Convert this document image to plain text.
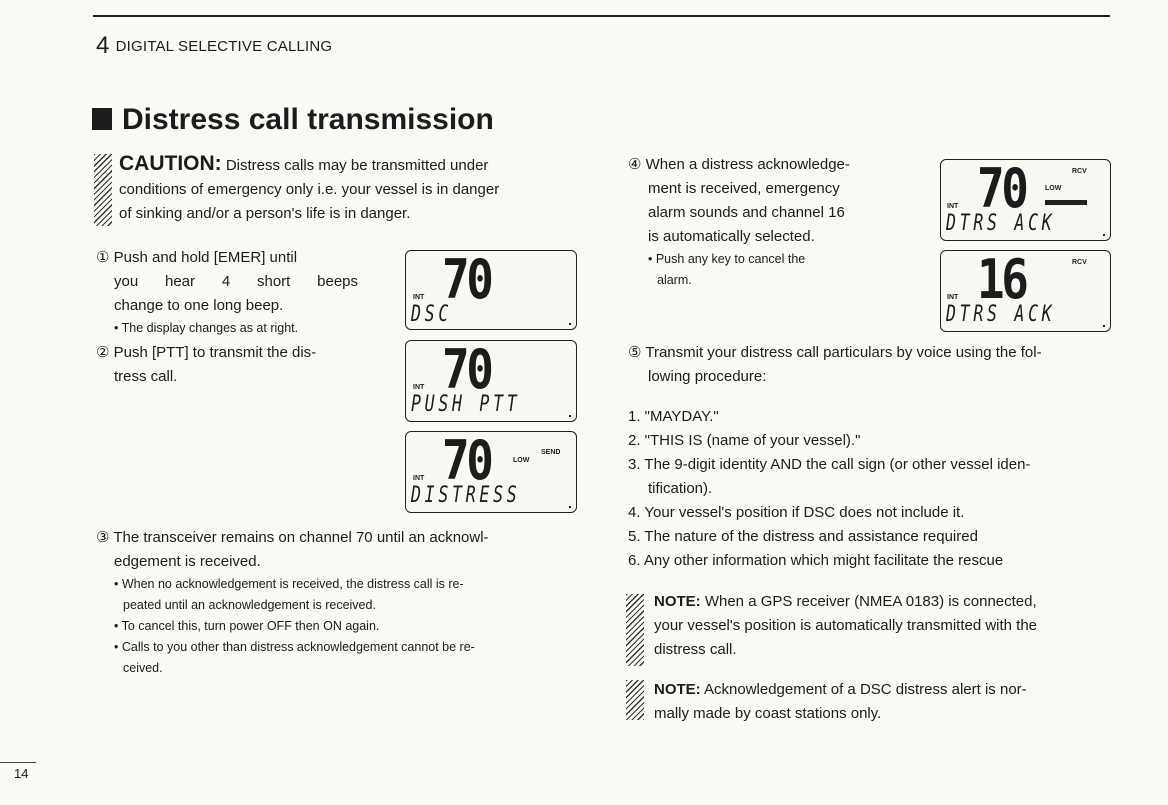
4 DIGITAL SELECTIVE CALLING
Distress call transmission
CAUTION: Distress calls may be transmitted under
conditions of emergency only i.e. your vessel is in danger
of sinking and/or a person's life is in danger.
① Push and hold [EMER] until
you hear 4 short beeps
change to one long beep.
• The display changes as at right.
② Push [PTT] to transmit the dis-
tress call.
70
INT
DSC
70
INT
PUSH PTT
70
INT
SEND
LOW
DISTRESS
③ The transceiver remains on channel 70 until an acknowl-
edgement is received.
• When no acknowledgement is received, the distress call is re-
peated until an acknowledgement is received.
• To cancel this, turn power OFF then ON again.
• Calls to you other than distress acknowledgement cannot be re-
ceived.
④ When a distress acknowledge-
ment is received, emergency
alarm sounds and channel 16
is automatically selected.
• Push any key to cancel the
alarm.
70
INT
RCV
LOW
DTRS ACK
16
INT
RCV
DTRS ACK
⑤ Transmit your distress call particulars by voice using the fol-
lowing procedure:
1. "MAYDAY."
2. "THIS IS (name of your vessel)."
3. The 9-digit identity AND the call sign (or other vessel iden-
tification).
4. Your vessel's position if DSC does not include it.
5. The nature of the distress and assistance required
6. Any other information which might facilitate the rescue
NOTE: When a GPS receiver (NMEA 0183) is connected,
your vessel's position is automatically transmitted with the
distress call.
NOTE: Acknowledgement of a DSC distress alert is nor-
mally made by coast stations only.
14
